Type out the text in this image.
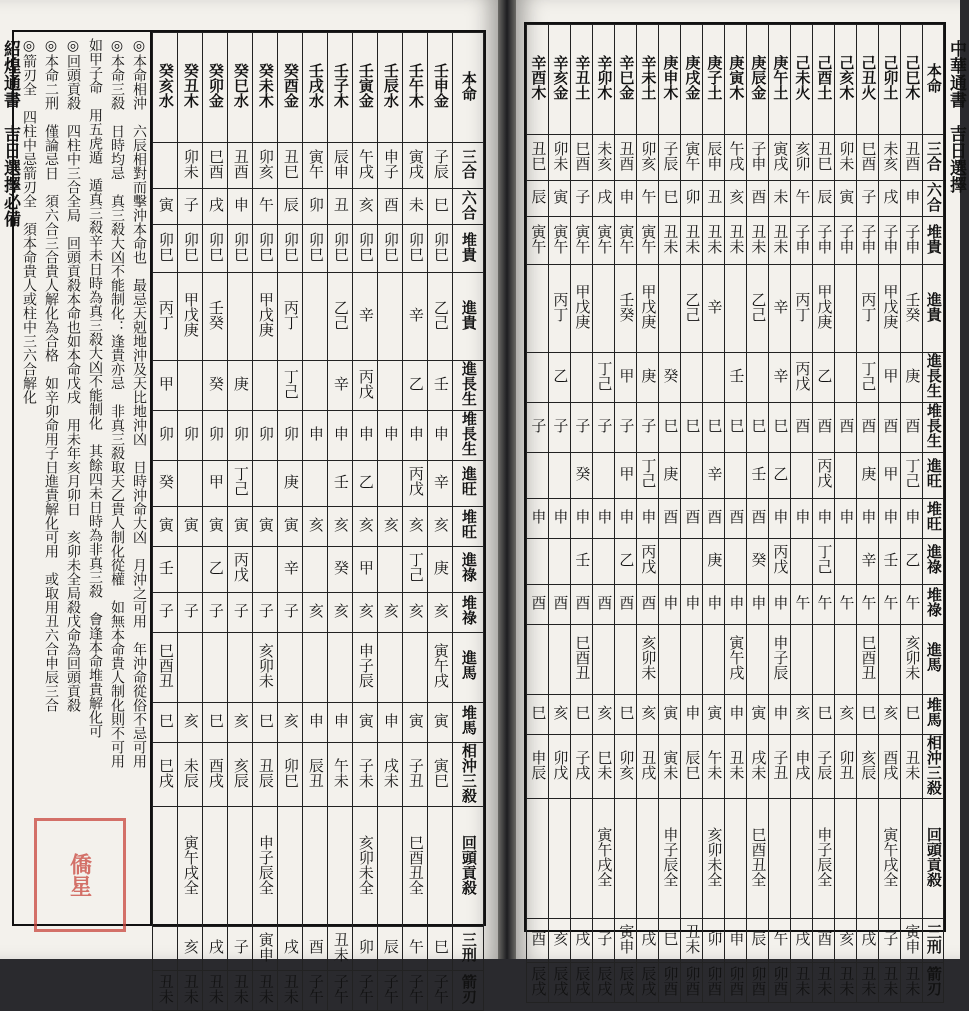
紹煌通書　吉日選擇必備	◎本命相沖　六辰相對而擊沖本命也　最忌天剋地沖及天比地沖凶　日時沖命大凶　月沖之可用　年沖命從俗不忌可用
◎本命三殺　日時均忌　真三殺大凶不能制化：逢貴亦忌　非真三殺取天乙貴人制化從權　如無本命貴人制化則不可用
如甲子命　用五虎遁　遁真三殺辛未日時為真三殺大凶不能制化　其餘四未日時為非真三殺　會逢本命堆貴解化可
◎回頭貢殺　四柱中三合全局　回頭貢殺本命也如本命戊戌　用未年亥月卯日　亥卯未全局殺戊命為回頭貢殺
◎本命二刑　僅論忌日　須六合三合貴人解化為合格　如辛卯命用子日進貴解化可用　或取用丑六合申辰三合
◎箭刃全　四柱中忌箭刃全　須本命貴人或柱中三六合解化	癸亥水	癸丑木	癸卯金	癸巳水	癸未木	癸酉金	壬戌水	壬子木	壬寅金	壬辰水	壬午木	壬申金	本命
	卯未	巳酉	丑酉	卯亥	丑巳	寅午	辰申	午戌	申子	寅戌	子辰	三合
寅	子	戌	申	午	辰	卯	丑	亥	酉	未	巳	六合
卯巳	卯巳	卯巳	卯巳	卯巳	卯巳	卯巳	卯巳	卯巳	卯巳	卯巳	卯巳	堆貴
丙丁	甲戊庚	壬癸		甲戊庚	丙丁		乙己	辛		辛	乙己	進貴
甲		癸	庚		丁己		辛	丙戊		乙	壬	進長生
卯	卯	卯	卯	卯	卯	申	申	申	申	申	申	堆長生
癸		甲	丁己		庚		壬	乙		丙戊	辛	進旺
寅	寅	寅	寅	寅	寅	亥	亥	亥	亥	亥	亥	堆旺
壬		乙	丙戊		辛		癸	甲		丁己	庚	進祿
子	子	子	子	子	子	亥	亥	亥	亥	亥	亥	堆祿
巳酉丑				亥卯未				申子辰			寅午戌	進馬
巳	亥	巳	亥	巳	亥	申	申	寅	申	寅	寅	堆馬
巳戌	未辰	酉戌	亥辰	丑辰	卯巳	辰丑	午未	子未	戌未	子丑	寅巳	相沖三殺
	寅午戌全			申子辰全				亥卯未全		巳酉丑全		回頭貢殺
	亥	戌	子	寅申	戌	酉	丑未	卯	辰	午	巳	三刑
丑未	丑未	丑未	丑未	丑未	丑未	子午	子午	子午	子午	子午	子午	箭刃
僑星
辛酉木	辛亥金	辛丑土	辛卯木	辛巳金	辛未土	庚申木	庚戌金	庚子土	庚寅木	庚辰金	庚午土	己未火	己酉土	己亥木	己丑火	己卯土	己巳木	本命
丑巳	卯未	巳酉	未亥	丑酉	卯亥	子辰	寅午	辰申	午戌	子申	寅戌	亥卯	丑巳	卯未	巳酉	未亥	丑酉	三合
辰	寅	子	戌	申	午	巳	卯	丑	亥	酉	未	午	辰	寅	子	戌	申	六合
寅午	寅午	寅午	寅午	寅午	寅午	丑未	丑未	丑未	丑未	丑未	丑未	子申	子申	子申	子申	子申	子申	堆貴
	丙丁	甲戊庚		壬癸	甲戊庚		乙己	辛		乙己	辛	丙丁	甲戊庚		丙丁	甲戊庚	壬癸	進貴
	乙		丁己	甲	庚	癸			壬		辛	丙戊	乙		丁己	甲	庚	進長生
子	子	子	子	子	子	巳	巳	巳	巳	巳	巳	酉	酉	酉	酉	酉	酉	堆長生
		癸		甲	丁己	庚		辛		壬	乙		丙戊		庚	甲	丁己	進旺
申	申	申	申	申	申	酉	酉	酉	酉	酉	申	申	申	申	申	申	申	堆旺
		壬		乙	丙戊			庚		癸	丙戊		丁己		辛	壬	乙	進祿
酉	酉	酉	酉	酉	酉	申	申	申	申	申	申	午	午	午	午	午	午	堆祿
		巳酉丑			亥卯未				寅午戌		申子辰				巳酉丑		亥卯未	進馬
巳	亥	巳	亥	巳	亥	寅	申	寅	申	寅	申	亥	巳	亥	巳	亥	巳	堆馬
申辰	卯戊	子戌	巳未	卯亥	丑戌	寅未	辰巳	午未	丑未	戌未	子丑	申戌	子辰	卯丑	亥辰	酉戌	丑未	相沖三殺
			寅午戌全			申子辰全		亥卯未全		巳酉丑全			申子辰全			寅午戌全		回頭貢殺
酉	亥	戌	子	寅申	戌	巳	丑未	卯	申	辰	午	戌	酉	亥	戌	子	寅申	三刑
辰戌	辰戌	辰戌	辰戌	辰戌	辰戌	卯酉	卯酉	卯酉	卯酉	卯酉	卯酉	丑未	丑未	丑未	丑未	丑未	丑未	箭刃
中華通書　吉日選擇
